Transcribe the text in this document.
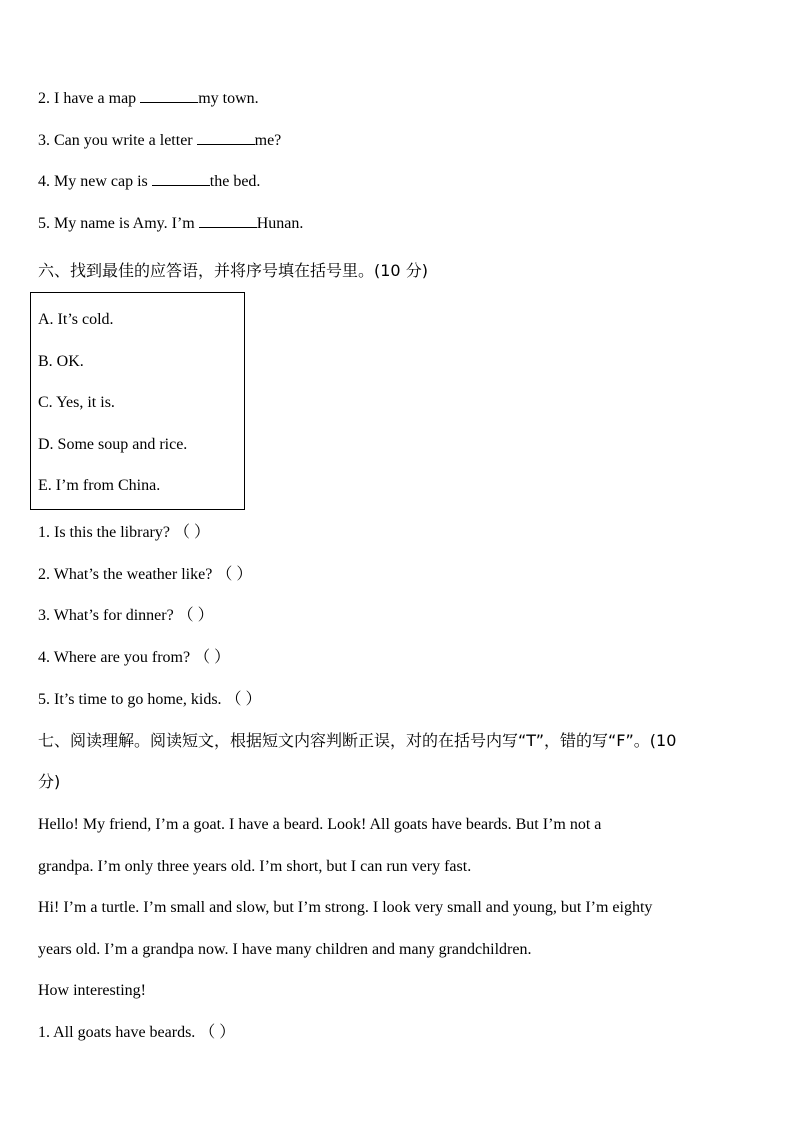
2. I have a map	my town.
3. Can you write a letter	me?
4. My new cap is	the bed.
5. My name is Amy. I’m	Hunan.
六、找到最佳的应答语，并将序号填在括号里。(10 分)
A. It’s cold.
B. OK.
C. Yes, it is.
D. Some soup and rice.
E. I’m from China.
1. Is this the library? （ ）
2. What’s the weather like? （ ）
3. What’s for dinner? （ ）
4. Where are you from? （ ）
5. It’s time to go home, kids. （ ）
七、阅读理解。阅读短文，根据短文内容判断正误，对的在括号内写“T”，错的写“F”。(10
分)
Hello! My friend, I’m a goat. I have a beard. Look! All goats have beards. But I’m not a
grandpa. I’m only three years old. I’m short, but I can run very fast.
Hi! I’m a turtle. I’m small and slow, but I’m strong. I look very small and young, but I’m eighty
years old. I’m a grandpa now. I have many children and many grandchildren.
How interesting!
1. All goats have beards. （ ）
